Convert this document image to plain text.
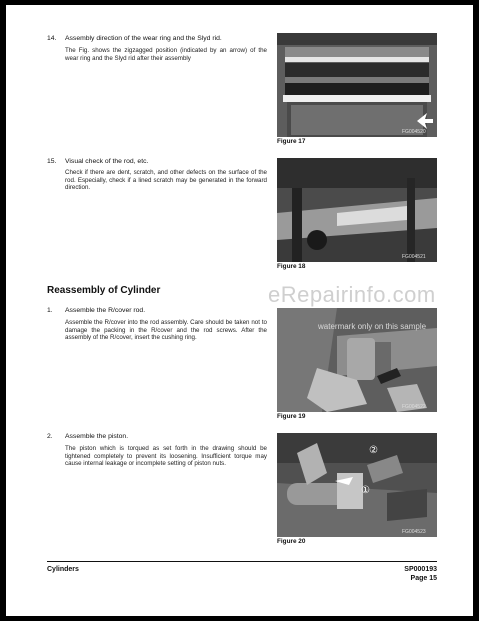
14. Assembly direction of the wear ring and the Slyd rid.
The Fig. shows the zigzagged position (indicated by an arrow) of the wear ring and the Slyd rid after their assembly
Figure 17
FG004520
15. Visual check of the rod, etc.
Check if there are dent, scratch, and other defects on the surface of the rod. Especially, check if a lined scratch may be generated in the forward direction.
Figure 18
FG004521
Reassembly of Cylinder
1. Assemble the R/cover rod.
Assemble the R/cover into the rod assembly. Care should be taken not to damage the packing in the R/cover and the rod screws. After the assembly of the R/cover, insert the cushing ring.
Figure 19
FG004522
2. Assemble the piston.
The piston which is torqued as set forth in the drawing should be tightened completely to prevent its loosening. Insufficient torque may cause internal leakage or incomplete setting of piston nuts.
②
①
Figure 20
FG004523
eRepairinfo.com
watermark only on this sample
Cylinders	SP000193
Page 15
